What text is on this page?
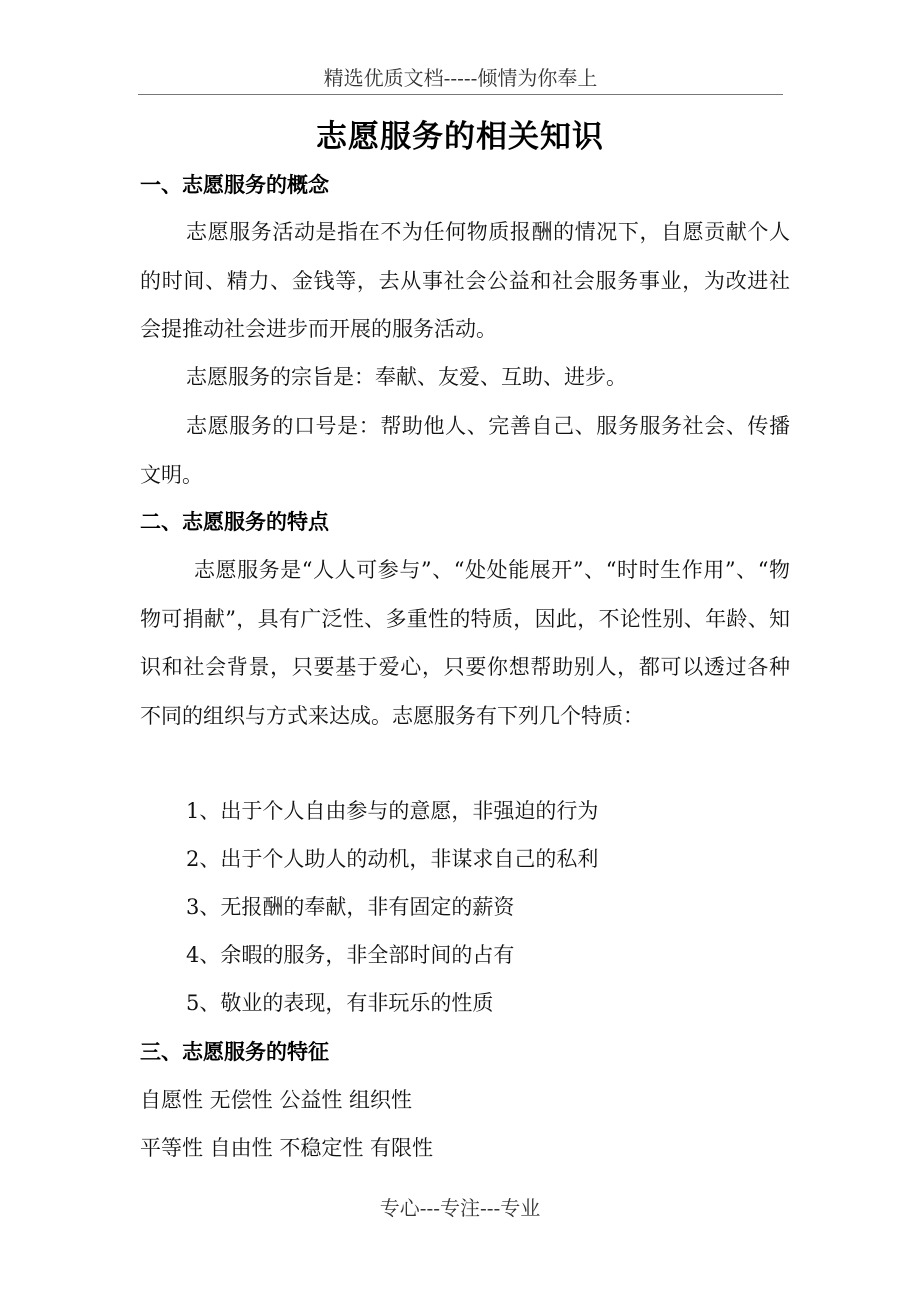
精选优质文档-----倾情为你奉上
志愿服务的相关知识
一、志愿服务的概念

志愿服务活动是指在不为任何物质报酬的情况下，自愿贡献个人的时间、精力、金钱等，去从事社会公益和社会服务事业，为改进社会提推动社会进步而开展的服务活动。

志愿服务的宗旨是：奉献、友爱、互助、进步。

志愿服务的口号是：帮助他人、完善自己、服务服务社会、传播文明。

二、志愿服务的特点

志愿服务是“人人可参与”、“处处能展开”、“时时生作用”、“物物可捐献”，具有广泛性、多重性的特质，因此，不论性别、年龄、知识和社会背景，只要基于爱心，只要你想帮助别人，都可以透过各种不同的组织与方式来达成。志愿服务有下列几个特质：

1、出于个人自由参与的意愿，非强迫的行为
2、出于个人助人的动机，非谋求自己的私利
3、无报酬的奉献，非有固定的薪资
4、余暇的服务，非全部时间的占有
5、敬业的表现，有非玩乐的性质
三、志愿服务的特征
自愿性 无偿性 公益性 组织性
平等性 自由性 不稳定性 有限性
专心---专注---专业
